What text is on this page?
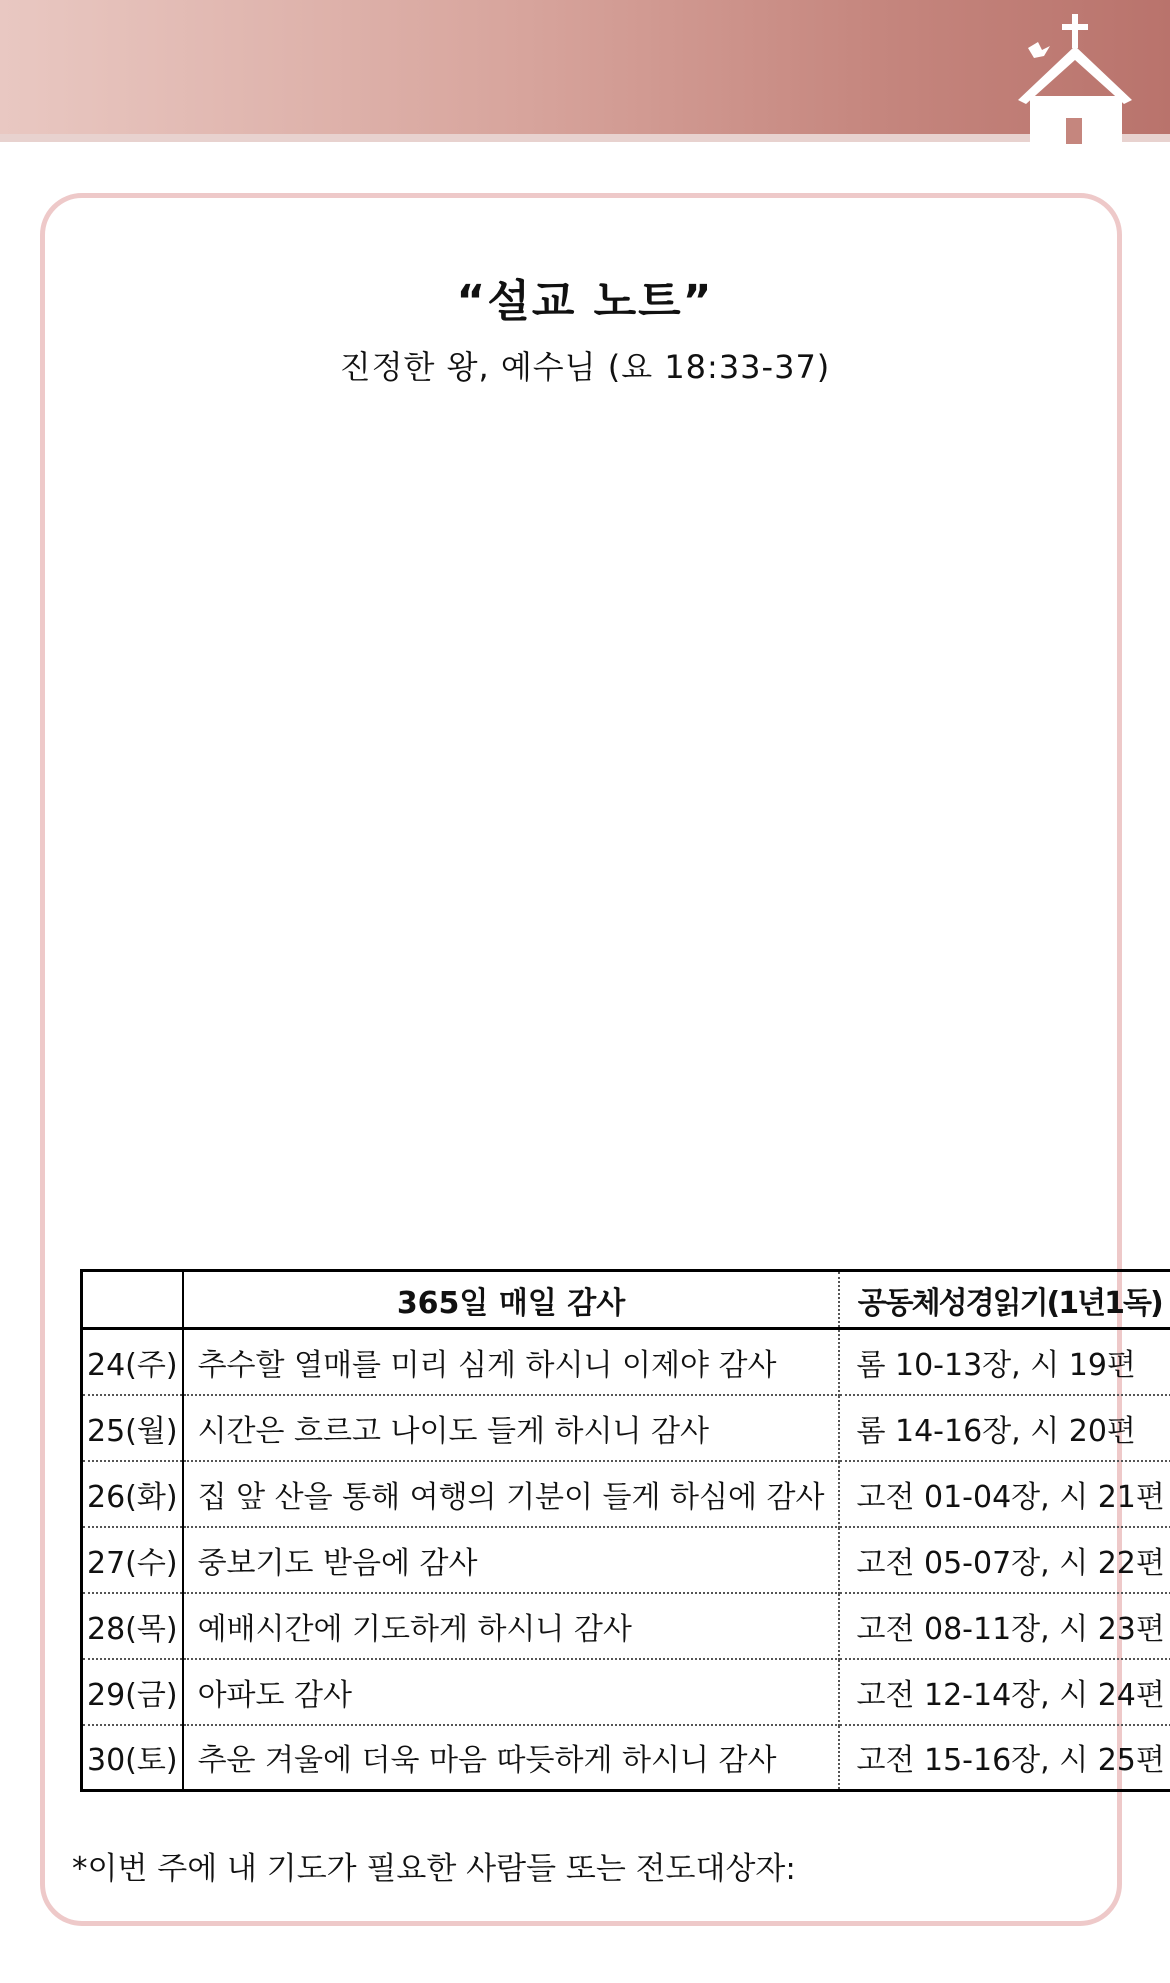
“설교 노트”
진정한 왕, 예수님 (요 18:33-37)
	365일 매일 감사	공동체성경읽기(1년1독)
24(주)	추수할 열매를 미리 심게 하시니 이제야 감사	롬 10-13장, 시 19편
25(월)	시간은 흐르고 나이도 들게 하시니 감사	롬 14-16장, 시 20편
26(화)	집 앞 산을 통해 여행의 기분이 들게 하심에 감사	고전 01-04장, 시 21편
27(수)	중보기도 받음에 감사	고전 05-07장, 시 22편
28(목)	예배시간에 기도하게 하시니 감사	고전 08-11장, 시 23편
29(금)	아파도 감사	고전 12-14장, 시 24편
30(토)	추운 겨울에 더욱 마음 따듯하게 하시니 감사	고전 15-16장, 시 25편
*이번 주에 내 기도가 필요한 사람들 또는 전도대상자:
